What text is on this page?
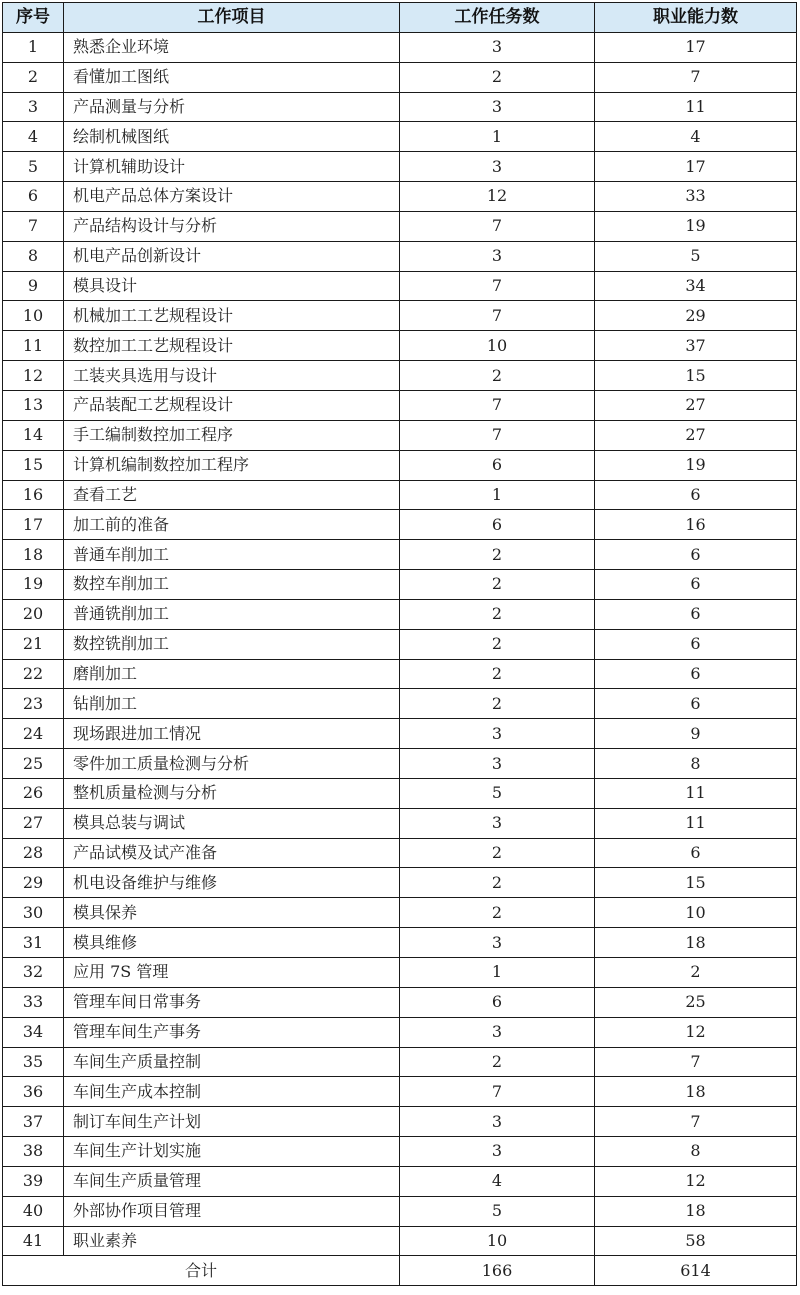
序号	工作项目	工作任务数	职业能力数
1	熟悉企业环境	3	17
2	看懂加工图纸	2	7
3	产品测量与分析	3	11
4	绘制机械图纸	1	4
5	计算机辅助设计	3	17
6	机电产品总体方案设计	12	33
7	产品结构设计与分析	7	19
8	机电产品创新设计	3	5
9	模具设计	7	34
10	机械加工工艺规程设计	7	29
11	数控加工工艺规程设计	10	37
12	工装夹具选用与设计	2	15
13	产品装配工艺规程设计	7	27
14	手工编制数控加工程序	7	27
15	计算机编制数控加工程序	6	19
16	查看工艺	1	6
17	加工前的准备	6	16
18	普通车削加工	2	6
19	数控车削加工	2	6
20	普通铣削加工	2	6
21	数控铣削加工	2	6
22	磨削加工	2	6
23	钻削加工	2	6
24	现场跟进加工情况	3	9
25	零件加工质量检测与分析	3	8
26	整机质量检测与分析	5	11
27	模具总装与调试	3	11
28	产品试模及试产准备	2	6
29	机电设备维护与维修	2	15
30	模具保养	2	10
31	模具维修	3	18
32	应用 7S 管理	1	2
33	管理车间日常事务	6	25
34	管理车间生产事务	3	12
35	车间生产质量控制	2	7
36	车间生产成本控制	7	18
37	制订车间生产计划	3	7
38	车间生产计划实施	3	8
39	车间生产质量管理	4	12
40	外部协作项目管理	5	18
41	职业素养	10	58
合计		166	614
